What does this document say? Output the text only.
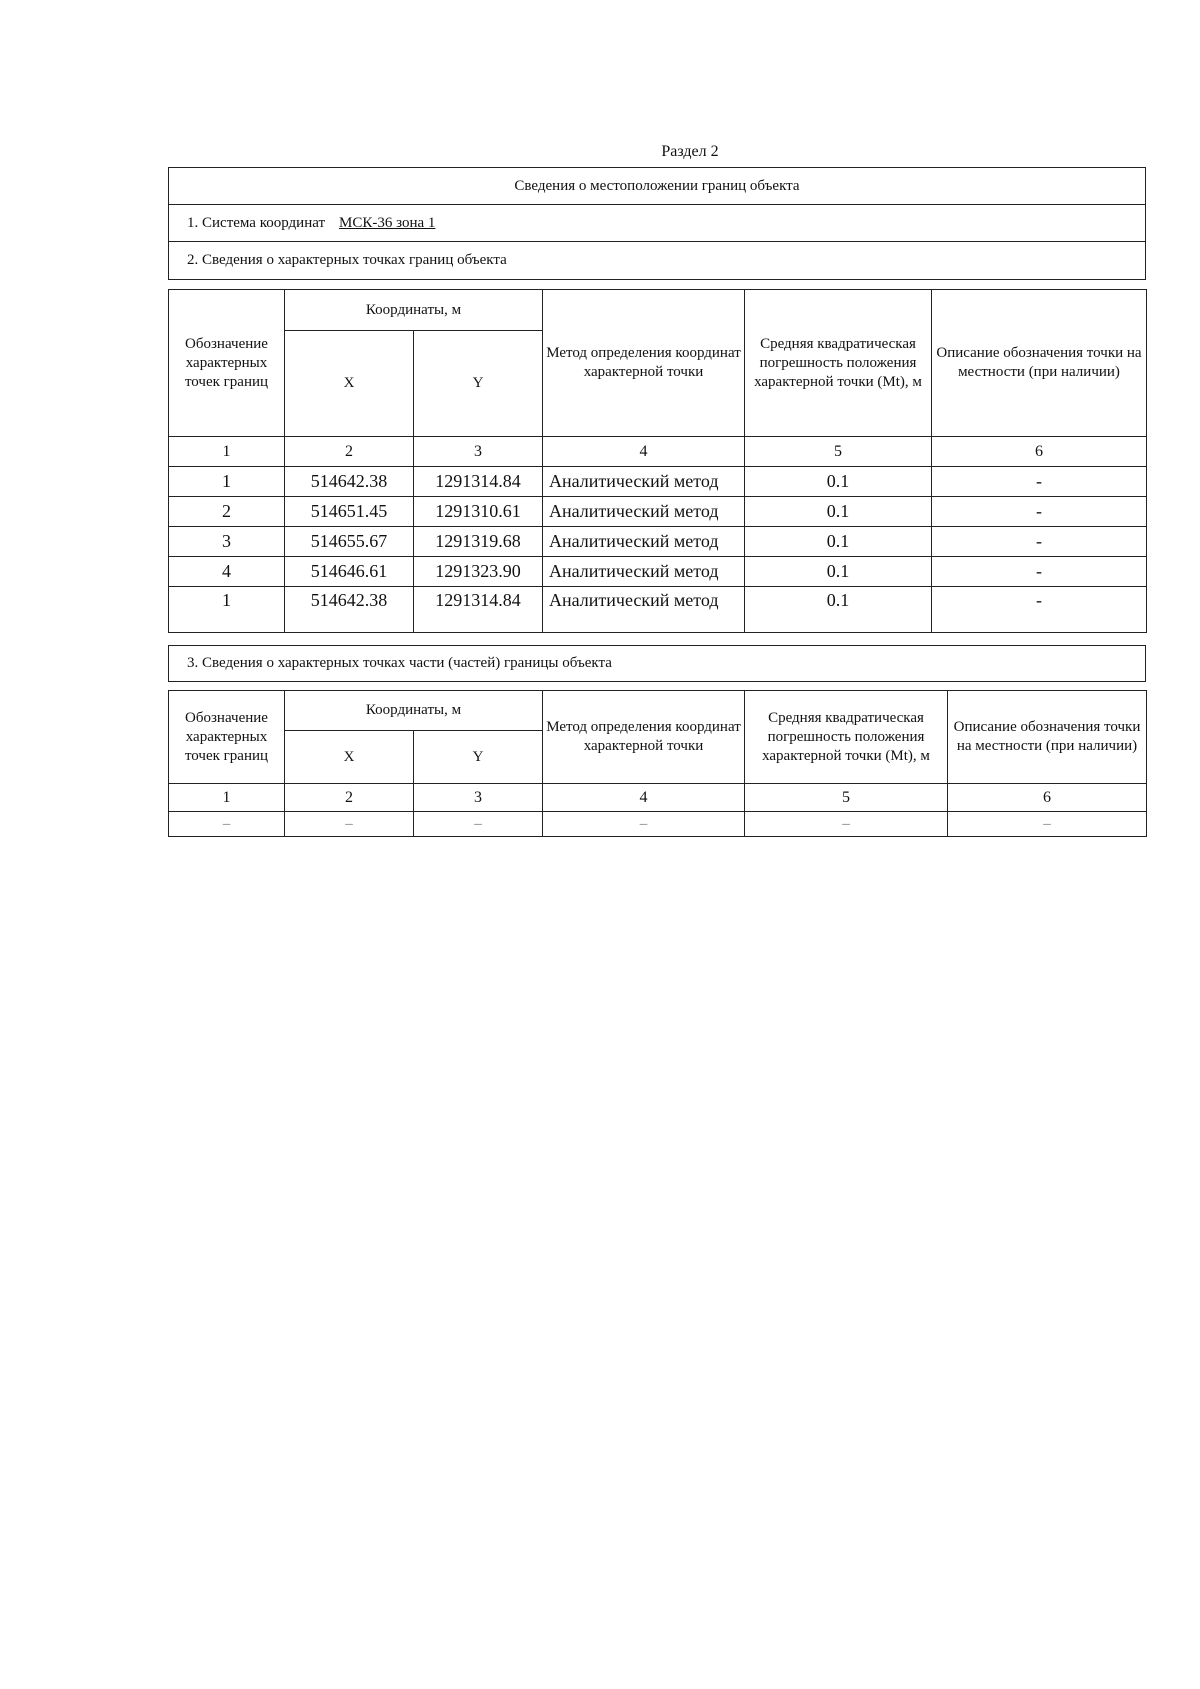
Раздел 2
Сведения о местоположении границ объекта
1. Система координат МСК-36 зона 1
2. Сведения о характерных точках границ объекта
Обозначение характерных точек границ	Координаты, м		Метод определения координат характерной точки	Средняя квадратическая погрешность положения характерной точки (Mt), м	Описание обозначения точки на местности (при наличии)
	X	Y			
1	2	3	4	5	6
1	514642.38	1291314.84	Аналитический метод	0.1	-
2	514651.45	1291310.61	Аналитический метод	0.1	-
3	514655.67	1291319.68	Аналитический метод	0.1	-
4	514646.61	1291323.90	Аналитический метод	0.1	-
1	514642.38	1291314.84	Аналитический метод	0.1	-
3. Сведения о характерных точках части (частей) границы объекта
Обозначение характерных точек границ	Координаты, м		Метод определения координат характерной точки	Средняя квадратическая погрешность положения характерной точки (Mt), м	Описание обозначения точки на местности (при наличии)
	X	Y			
1	2	3	4	5	6
–	–	–	–	–	–
